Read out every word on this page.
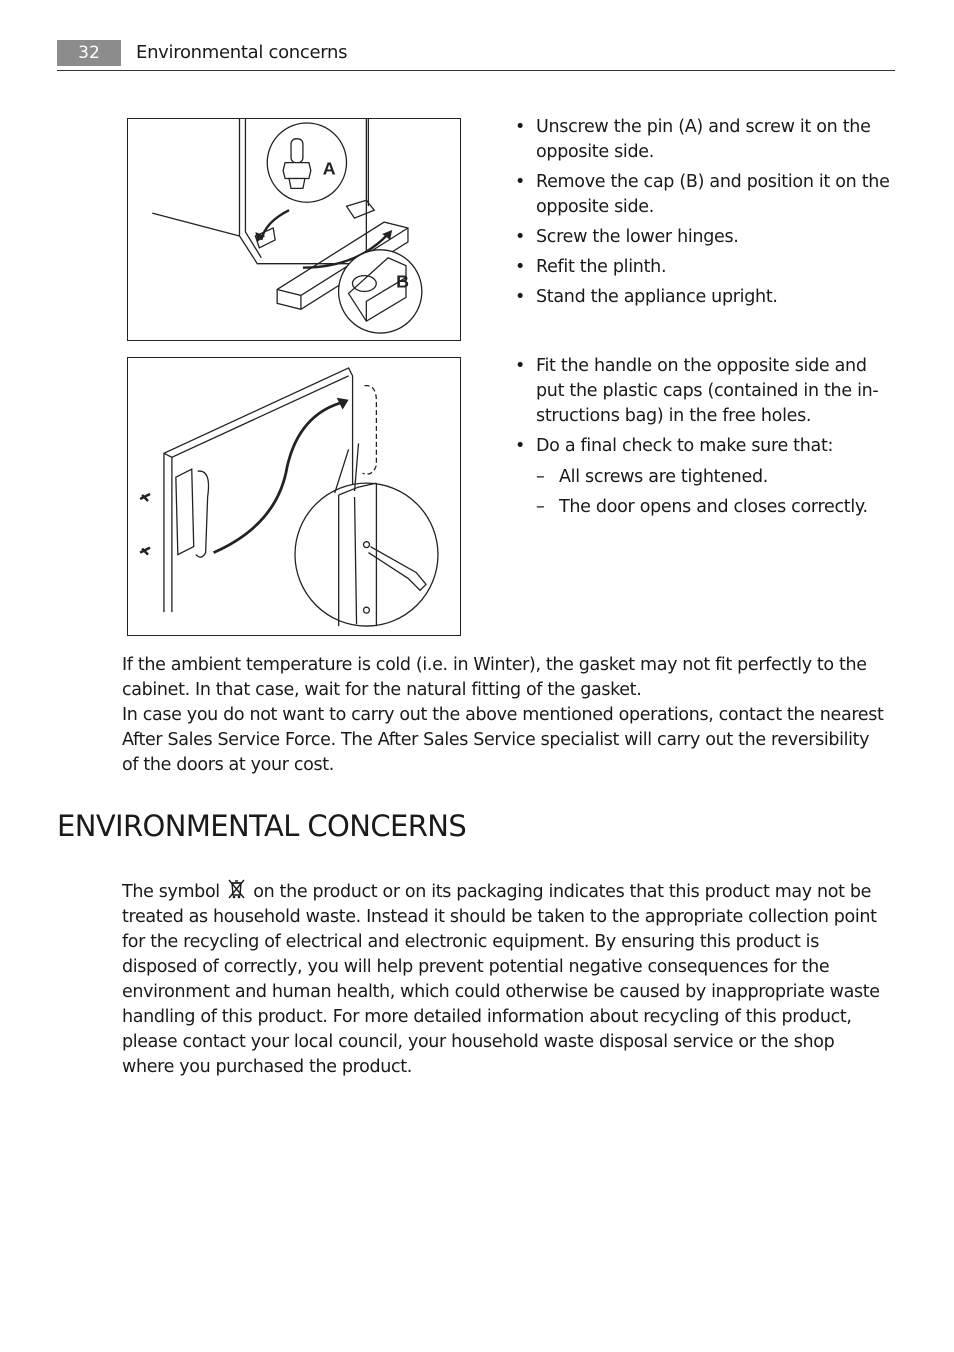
32	Environmental concerns
A
B
• Unscrew the pin (A) and screw it on the opposite side.
• Remove the cap (B) and position it on the opposite side.
• Screw the lower hinges.
• Refit the plinth.
• Stand the appliance upright.
• Fit the handle on the opposite side and put the plastic caps (contained in the in-structions bag) in the free holes.
• Do a final check to make sure that:
– All screws are tightened.
– The door opens and closes correctly.

If the ambient temperature is cold (i.e. in Winter), the gasket may not fit perfectly to the cabinet. In that case, wait for the natural fitting of the gasket.

In case you do not want to carry out the above mentioned operations, contact the nearest After Sales Service Force. The After Sales Service specialist will carry out the reversibility of the doors at your cost.

ENVIRONMENTAL CONCERNS

The symbol on the product or on its packaging indicates that this product may not be treated as household waste. Instead it should be taken to the appropriate collection point for the recycling of electrical and electronic equipment. By ensuring this product is disposed of correctly, you will help prevent potential negative consequences for the environment and human health, which could otherwise be caused by inappropriate waste handling of this product. For more detailed information about recycling of this product, please contact your local council, your household waste disposal service or the shop where you purchased the product.
